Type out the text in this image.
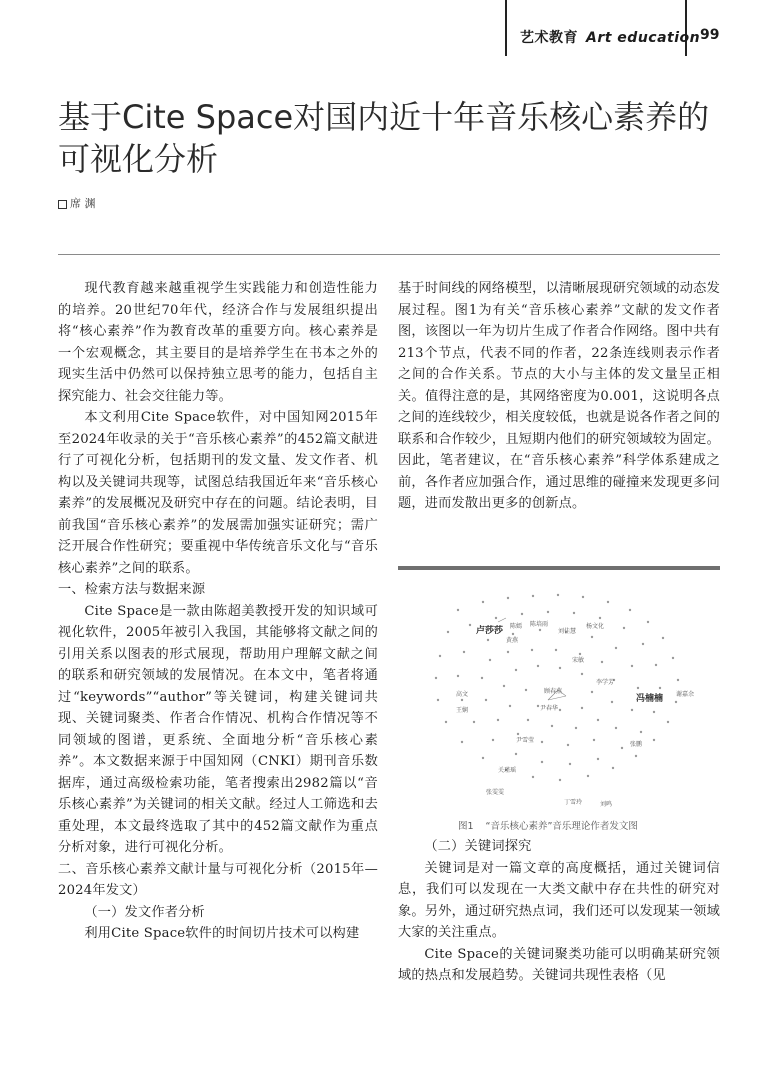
艺术教育 Art education 99
基于Cite Space对国内近十年音乐核心素养的可视化分析
席 渊

现代教育越来越重视学生实践能力和创造性能力的培养。20世纪70年代，经济合作与发展组织提出将“核心素养”作为教育改革的重要方向。核心素养是一个宏观概念，其主要目的是培养学生在书本之外的现实生活中仍然可以保持独立思考的能力，包括自主探究能力、社会交往能力等。

本文利用Cite Space软件，对中国知网2015年至2024年收录的关于“音乐核心素养”的452篇文献进行了可视化分析，包括期刊的发文量、发文作者、机构以及关键词共现等，试图总结我国近年来“音乐核心素养”的发展概况及研究中存在的问题。结论表明，目前我国“音乐核心素养”的发展需加强实证研究；需广泛开展合作性研究；要重视中华传统音乐文化与“音乐核心素养”之间的联系。

一、检索方法与数据来源

Cite Space是一款由陈超美教授开发的知识域可视化软件，2005年被引入我国，其能够将文献之间的引用关系以图表的形式展现，帮助用户理解文献之间的联系和研究领域的发展情况。在本文中，笔者将通过“keywords”“author”等关键词，构建关键词共现、关键词聚类、作者合作情况、机构合作情况等不同领域的图谱，更系统、全面地分析“音乐核心素养”。本文数据来源于中国知网（CNKI）期刊音乐数据库，通过高级检索功能，笔者搜索出2982篇以“音乐核心素养”为关键词的相关文献。经过人工筛选和去重处理，本文最终选取了其中的452篇文献作为重点分析对象，进行可视化分析。

二、音乐核心素养文献计量与可视化分析（2015年—2024年发文）

（一）发文作者分析

利用Cite Space软件的时间切片技术可以构建

基于时间线的网络模型，以清晰展现研究领域的动态发展过程。图1为有关“音乐核心素养”文献的发文作者图，该图以一年为切片生成了作者合作网络。图中共有213个节点，代表不同的作者，22条连线则表示作者之间的合作关系。节点的大小与主体的发文量呈正相关。值得注意的是，其网络密度为0.001，这说明各点之间的连线较少，相关度较低，也就是说各作者之间的联系和合作较少，且短期内他们的研究领域较为固定。因此，笔者建议，在“音乐核心素养”科学体系建成之前，各作者应加强合作，通过思维的碰撞来发现更多问题，进而发散出更多的创新点。

卢莎莎 陈嫣 陈培雨
刘佳慧
杨文化
黄燕
宋敏
冯楠楠 谢嘉余
高文
王娴
顾春燕
尹春华
李学芳
尹雪莹
张鹏
关瑾瑶
张雯雯
丁雪玲	刘鸣
图1 “音乐核心素养”音乐理论作者发文图

（二）关键词探究

关键词是对一篇文章的高度概括，通过关键词信息，我们可以发现在一大类文献中存在共性的研究对象。另外，通过研究热点词，我们还可以发现某一领域大家的关注重点。

Cite Space的关键词聚类功能可以明确某研究领域的热点和发展趋势。关键词共现性表格（见
